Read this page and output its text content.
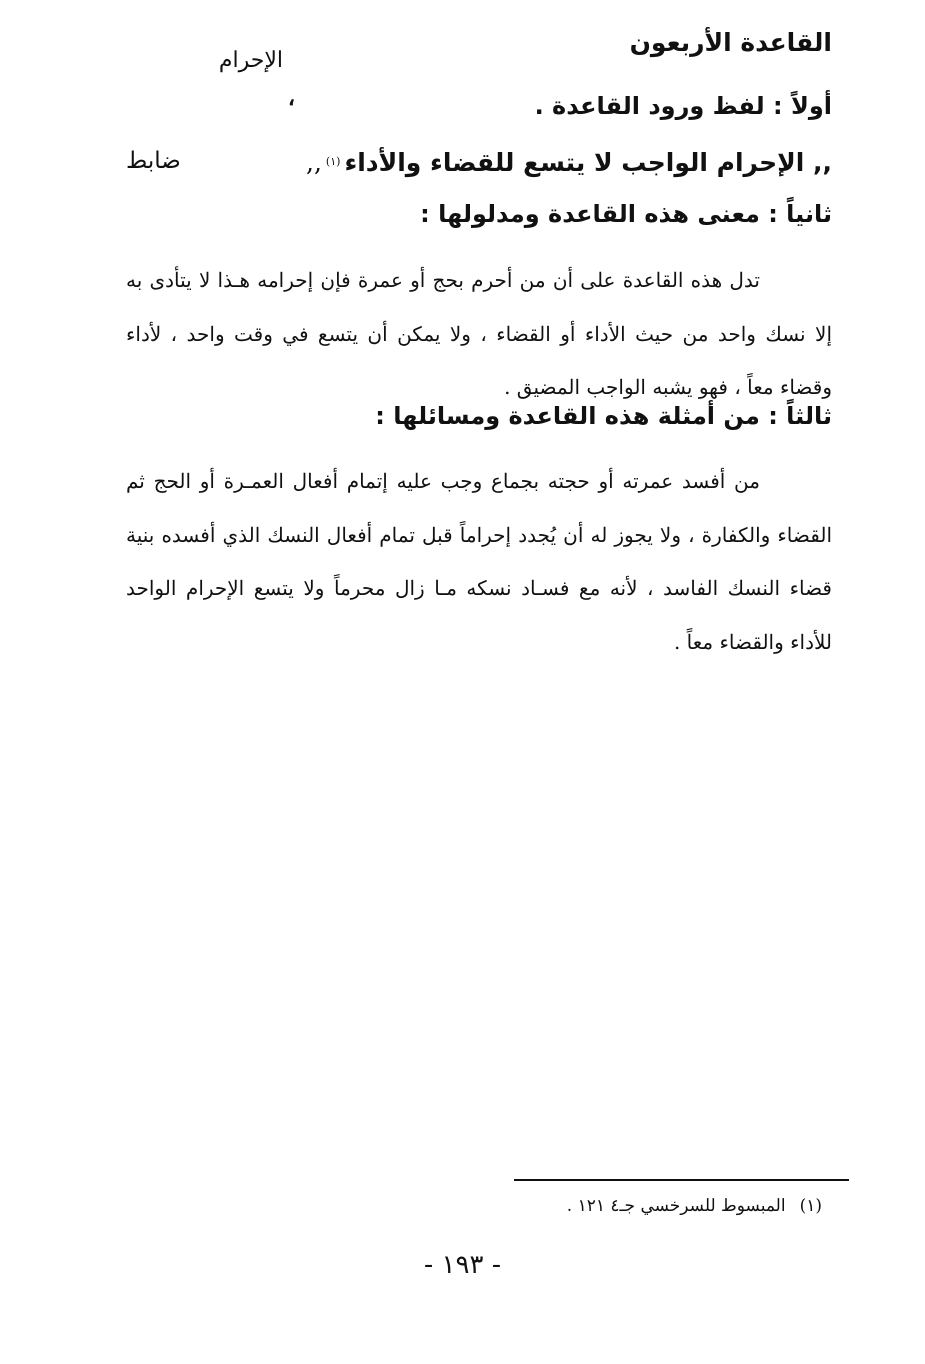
القاعدة الأربعون
الإحرام
،	أولاً : لفظ ورود القاعدة .
,, الإحرام الواجب لا يتسع للقضاء والأداء$^{(١)}$,,
ضابط
ثانياً : معنى هذه القاعدة ومدلولها :
تدل هذه القاعدة على أن من أحرم بحج أو عمرة فإن إحرامه هـذا لا يتأدى به إلا نسك واحد من حيث الأداء أو القضاء ، ولا يمكن أن يتسع في وقت واحد ، لأداء وقضاء معاً ، فهو يشبه الواجب المضيق .
ثالثاً : من أمثلة هذه القاعدة ومسائلها :
من أفسد عمرته أو حجته بجماع وجب عليه إتمام أفعال العمـرة أو الحج ثم القضاء والكفارة ، ولا يجوز له أن يُجدد إحراماً قبل تمام أفعال النسك الذي أفسده بنية قضاء النسك الفاسد ، لأنه مع فسـاد نسكه مـا زال محرماً ولا يتسع الإحرام الواحد للأداء والقضاء معاً .
(١)المبسوط للسرخسي جـ٤ ١٢١ .
- ١٩٣ -
